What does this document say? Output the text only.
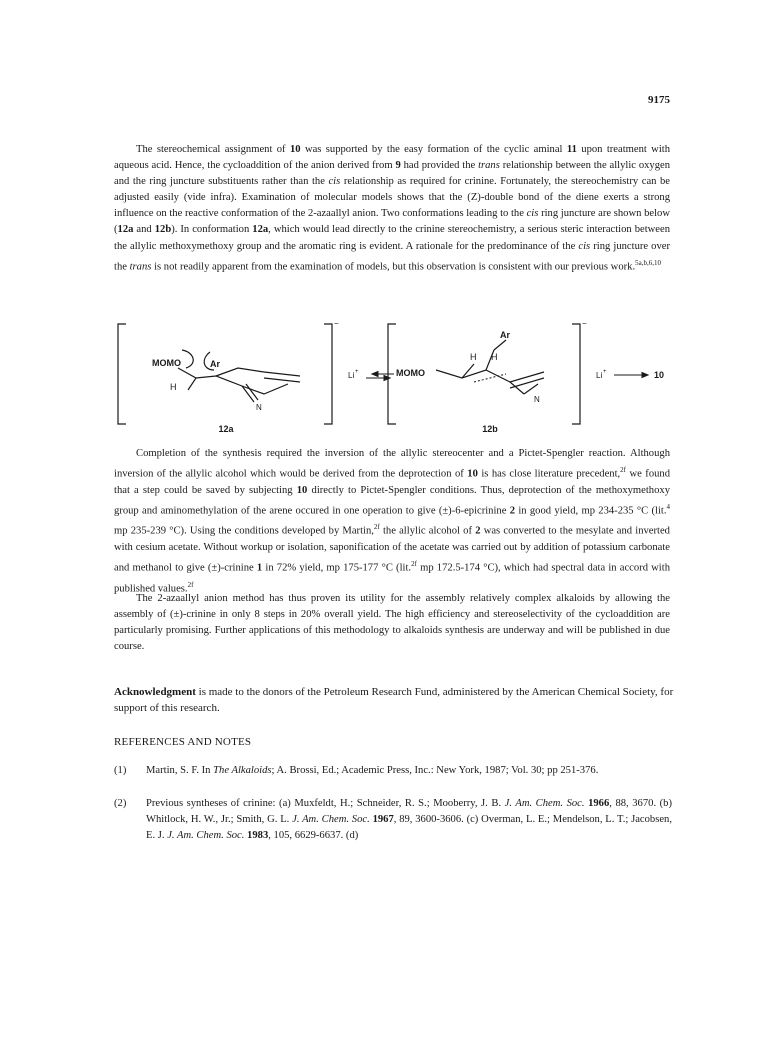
9175

The stereochemical assignment of 10 was supported by the easy formation of the cyclic aminal 11 upon treatment with aqueous acid. Hence, the cycloaddition of the anion derived from 9 had provided the trans relationship between the allylic oxygen and the ring juncture substituents rather than the cis relationship as required for crinine. Fortunately, the stereochemistry can be adjusted easily (vide infra). Examination of molecular models shows that the (Z)-double bond of the diene exerts a strong influence on the reactive conformation of the 2-azaallyl anion. Two conformations leading to the cis ring juncture are shown below (12a and 12b). In conformation 12a, which would lead directly to the crinine stereochemistry, a serious steric interaction between the allylic methoxymethoxy group and the aromatic ring is evident. A rationale for the predominance of the cis ring juncture over the trans is not readily apparent from the examination of models, but this observation is consistent with our previous work.$^{5a,b,6,10}$

MOMO	Ar
H
N
12a
−
Li +	MOMO
Ar
H H
N
12b
−
Li +	10

Completion of the synthesis required the inversion of the allylic stereocenter and a Pictet-Spengler reaction. Although inversion of the allylic alcohol which would be derived from the deprotection of 10 is has close literature precedent,$^{2f}$ we found that a step could be saved by subjecting 10 directly to Pictet-Spengler conditions. Thus, deprotection of the methoxymethoxy group and aminomethylation of the arene occured in one operation to give (±)-6-epicrinine 2 in good yield, mp 234-235 °C (lit.$^4$ mp 235-239 °C). Using the conditions developed by Martin,$^{2f}$ the allylic alcohol of 2 was converted to the mesylate and inverted with cesium acetate. Without workup or isolation, saponification of the acetate was carried out by addition of potassium carbonate and methanol to give (±)-crinine 1 in 72% yield, mp 175-177 °C (lit.$^{2f}$ mp 172.5-174 °C), which had spectral data in accord with published values.$^{2f}$

The 2-azaallyl anion method has thus proven its utility for the assembly relatively complex alkaloids by allowing the assembly of (±)-crinine in only 8 steps in 20% overall yield. The high efficiency and stereoselectivity of the cycloaddition are particularly promising. Further applications of this methodology to alkaloids synthesis are underway and will be published in due course.

Acknowledgment is made to the donors of the Petroleum Research Fund, administered by the American Chemical Society, for support of this research.
REFERENCES AND NOTES
(1)	Martin, S. F. In The Alkaloids; A. Brossi, Ed.; Academic Press, Inc.: New York, 1987; Vol. 30; pp 251-376.
(2)	Previous syntheses of crinine: (a) Muxfeldt, H.; Schneider, R. S.; Mooberry, J. B. J. Am. Chem. Soc. 1966, 88, 3670. (b) Whitlock, H. W., Jr.; Smith, G. L. J. Am. Chem. Soc. 1967, 89, 3600-3606. (c) Overman, L. E.; Mendelson, L. T.; Jacobsen, E. J. J. Am. Chem. Soc. 1983, 105, 6629-6637. (d)
